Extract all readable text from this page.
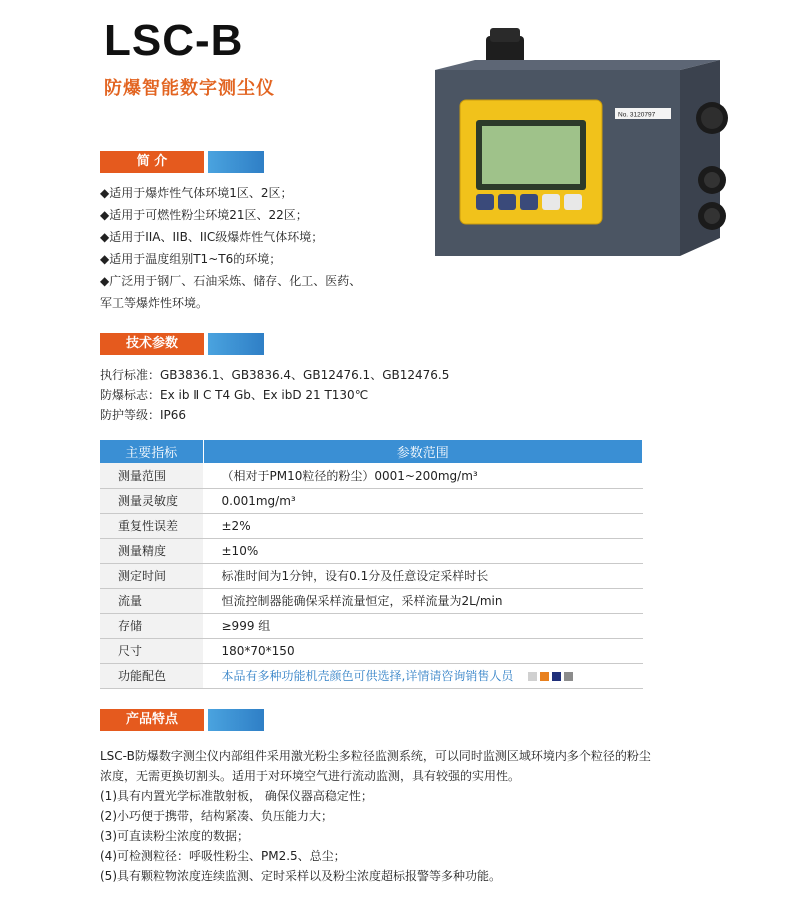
LSC-B
防爆智能数字测尘仪
No. 3120797
简 介
◆适用于爆炸性气体环境1区、2区；
◆适用于可燃性粉尘环境21区、22区；
◆适用于IIA、IIB、IIC级爆炸性气体环境；
◆适用于温度组别T1~T6的环境；
◆广泛用于钢厂、石油采炼、储存、化工、医药、军工等爆炸性环境。
技术参数
执行标准：GB3836.1、GB3836.4、GB12476.1、GB12476.5
防爆标志：Ex ib Ⅱ C T4 Gb、Ex ibD 21 T130℃
防护等级：IP66
主要指标	参数范围
测量范围	（相对于PM10粒径的粉尘）0001~200mg/m³
测量灵敏度	0.001mg/m³
重复性误差	±2%
测量精度	±10%
测定时间	标准时间为1分钟，设有0.1分及任意设定采样时长
流量	恒流控制器能确保采样流量恒定，采样流量为2L/min
存储	≥999 组
尺寸	180*70*150
功能配色	本品有多种功能机壳颜色可供选择,详情请咨询销售人员
产品特点
LSC-B防爆数字测尘仪内部组件采用激光粉尘多粒径监测系统，可以同时监测区域环境内多个粒径的粉尘浓度，无需更换切割头。适用于对环境空气进行流动监测，具有较强的实用性。
(1)具有内置光学标准散射板， 确保仪器高稳定性；
(2)小巧便于携带，结构紧凑、负压能力大；
(3)可直读粉尘浓度的数据；
(4)可检测粒径：呼吸性粉尘、PM2.5、总尘；
(5)具有颗粒物浓度连续监测、定时采样以及粉尘浓度超标报警等多种功能。
